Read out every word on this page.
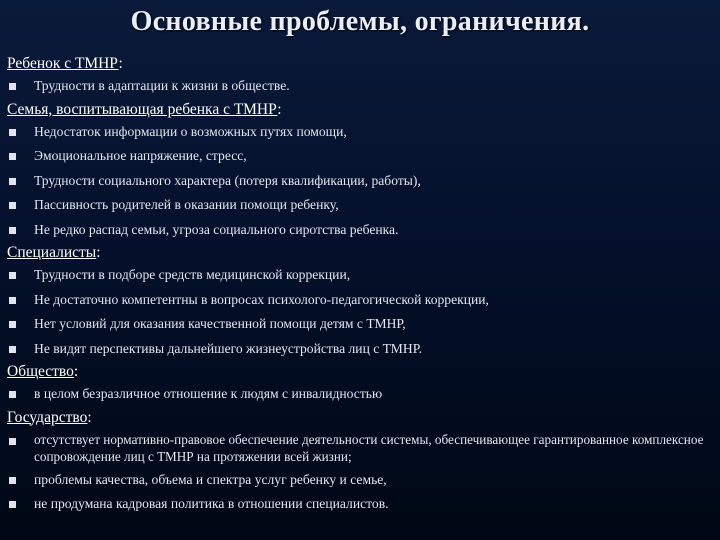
Основные проблемы, ограничения.
Ребенок с ТМНР:
Трудности в адаптации к жизни в обществе.
Семья, воспитывающая ребенка с ТМНР:
Недостаток информации о возможных путях помощи,
Эмоциональное напряжение, стресс,
Трудности социального характера (потеря квалификации, работы),
Пассивность родителей в оказании помощи ребенку,
Не редко распад семьи, угроза социального сиротства ребенка.
Специалисты:
Трудности в подборе средств медицинской коррекции,
Не достаточно компетентны в вопросах психолого-педагогической коррекции,
Нет условий для оказания качественной помощи детям с ТМНР,
Не видят перспективы дальнейшего жизнеустройства лиц с ТМНР.
Общество:
в целом безразличное отношение к людям с инвалидностью
Государство:
отсутствует нормативно-правовое обеспечение деятельности системы, обеспечивающее гарантированное комплексное сопровождение лиц с ТМНР на протяжении всей жизни;
проблемы качества, объема и спектра услуг ребенку и семье,
не продумана кадровая политика в отношении специалистов.
